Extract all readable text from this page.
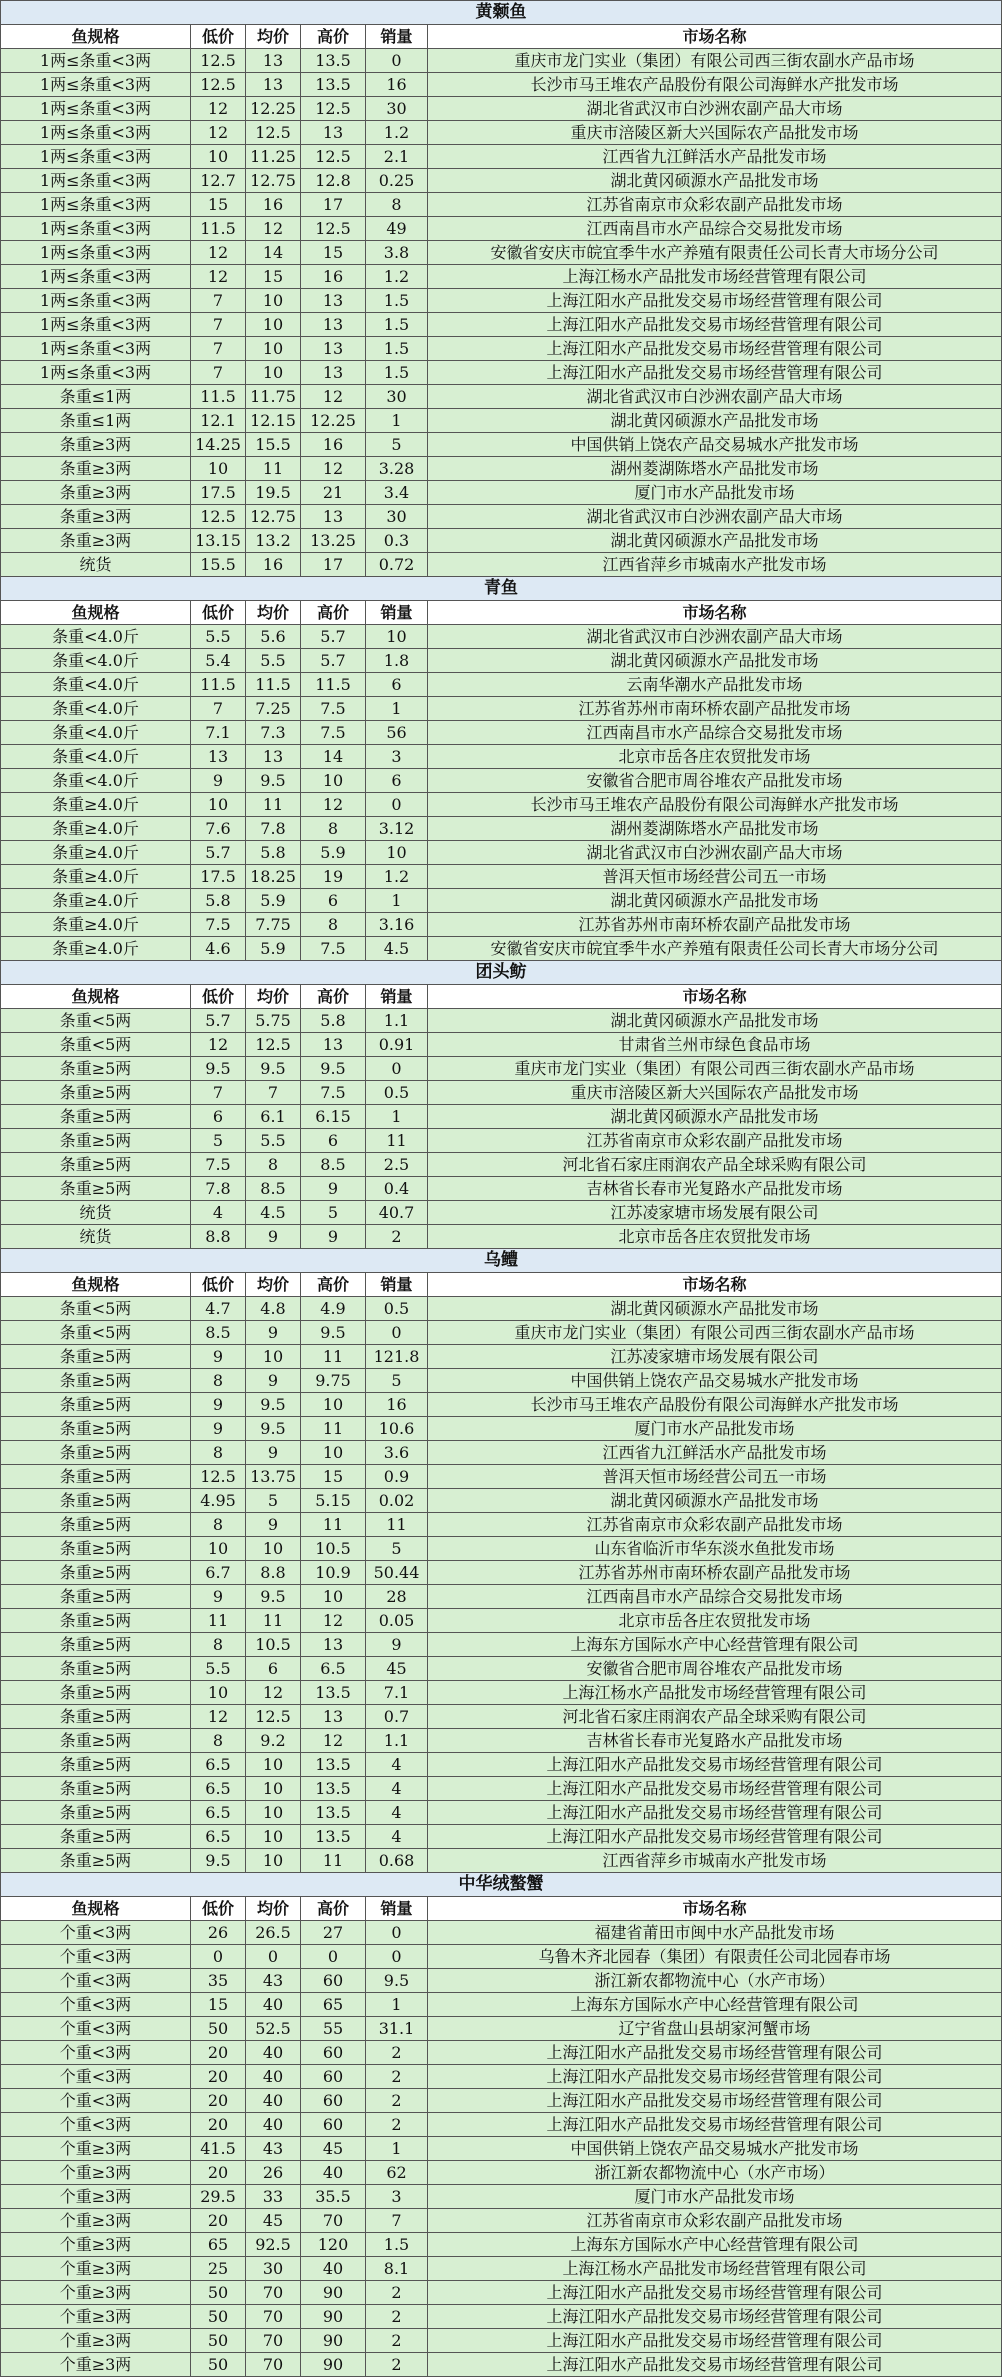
黄颡鱼					
鱼规格	低价	均价	高价	销量	市场名称
1两≤条重<3两	12.5	13	13.5	0	重庆市龙门实业（集团）有限公司西三街农副水产品市场
1两≤条重<3两	12.5	13	13.5	16	长沙市马王堆农产品股份有限公司海鲜水产批发市场
1两≤条重<3两	12	12.25	12.5	30	湖北省武汉市白沙洲农副产品大市场
1两≤条重<3两	12	12.5	13	1.2	重庆市涪陵区新大兴国际农产品批发市场
1两≤条重<3两	10	11.25	12.5	2.1	江西省九江鲜活水产品批发市场
1两≤条重<3两	12.7	12.75	12.8	0.25	湖北黄冈硕源水产品批发市场
1两≤条重<3两	15	16	17	8	江苏省南京市众彩农副产品批发市场
1两≤条重<3两	11.5	12	12.5	49	江西南昌市水产品综合交易批发市场
1两≤条重<3两	12	14	15	3.8	安徽省安庆市皖宜季牛水产养殖有限责任公司长青大市场分公司
1两≤条重<3两	12	15	16	1.2	上海江杨水产品批发市场经营管理有限公司
1两≤条重<3两	7	10	13	1.5	上海江阳水产品批发交易市场经营管理有限公司
1两≤条重<3两	7	10	13	1.5	上海江阳水产品批发交易市场经营管理有限公司
1两≤条重<3两	7	10	13	1.5	上海江阳水产品批发交易市场经营管理有限公司
1两≤条重<3两	7	10	13	1.5	上海江阳水产品批发交易市场经营管理有限公司
条重≤1两	11.5	11.75	12	30	湖北省武汉市白沙洲农副产品大市场
条重≤1两	12.1	12.15	12.25	1	湖北黄冈硕源水产品批发市场
条重≥3两	14.25	15.5	16	5	中国供销上饶农产品交易城水产批发市场
条重≥3两	10	11	12	3.28	湖州菱湖陈塔水产品批发市场
条重≥3两	17.5	19.5	21	3.4	厦门市水产品批发市场
条重≥3两	12.5	12.75	13	30	湖北省武汉市白沙洲农副产品大市场
条重≥3两	13.15	13.2	13.25	0.3	湖北黄冈硕源水产品批发市场
统货	15.5	16	17	0.72	江西省萍乡市城南水产批发市场
青鱼					
鱼规格	低价	均价	高价	销量	市场名称
条重<4.0斤	5.5	5.6	5.7	10	湖北省武汉市白沙洲农副产品大市场
条重<4.0斤	5.4	5.5	5.7	1.8	湖北黄冈硕源水产品批发市场
条重<4.0斤	11.5	11.5	11.5	6	云南华潮水产品批发市场
条重<4.0斤	7	7.25	7.5	1	江苏省苏州市南环桥农副产品批发市场
条重<4.0斤	7.1	7.3	7.5	56	江西南昌市水产品综合交易批发市场
条重<4.0斤	13	13	14	3	北京市岳各庄农贸批发市场
条重<4.0斤	9	9.5	10	6	安徽省合肥市周谷堆农产品批发市场
条重≥4.0斤	10	11	12	0	长沙市马王堆农产品股份有限公司海鲜水产批发市场
条重≥4.0斤	7.6	7.8	8	3.12	湖州菱湖陈塔水产品批发市场
条重≥4.0斤	5.7	5.8	5.9	10	湖北省武汉市白沙洲农副产品大市场
条重≥4.0斤	17.5	18.25	19	1.2	普洱天恒市场经营公司五一市场
条重≥4.0斤	5.8	5.9	6	1	湖北黄冈硕源水产品批发市场
条重≥4.0斤	7.5	7.75	8	3.16	江苏省苏州市南环桥农副产品批发市场
条重≥4.0斤	4.6	5.9	7.5	4.5	安徽省安庆市皖宜季牛水产养殖有限责任公司长青大市场分公司
团头鲂					
鱼规格	低价	均价	高价	销量	市场名称
条重<5两	5.7	5.75	5.8	1.1	湖北黄冈硕源水产品批发市场
条重<5两	12	12.5	13	0.91	甘肃省兰州市绿色食品市场
条重≥5两	9.5	9.5	9.5	0	重庆市龙门实业（集团）有限公司西三街农副水产品市场
条重≥5两	7	7	7.5	0.5	重庆市涪陵区新大兴国际农产品批发市场
条重≥5两	6	6.1	6.15	1	湖北黄冈硕源水产品批发市场
条重≥5两	5	5.5	6	11	江苏省南京市众彩农副产品批发市场
条重≥5两	7.5	8	8.5	2.5	河北省石家庄雨润农产品全球采购有限公司
条重≥5两	7.8	8.5	9	0.4	吉林省长春市光复路水产品批发市场
统货	4	4.5	5	40.7	江苏凌家塘市场发展有限公司
统货	8.8	9	9	2	北京市岳各庄农贸批发市场
乌鳢					
鱼规格	低价	均价	高价	销量	市场名称
条重<5两	4.7	4.8	4.9	0.5	湖北黄冈硕源水产品批发市场
条重<5两	8.5	9	9.5	0	重庆市龙门实业（集团）有限公司西三街农副水产品市场
条重≥5两	9	10	11	121.8	江苏凌家塘市场发展有限公司
条重≥5两	8	9	9.75	5	中国供销上饶农产品交易城水产批发市场
条重≥5两	9	9.5	10	16	长沙市马王堆农产品股份有限公司海鲜水产批发市场
条重≥5两	9	9.5	11	10.6	厦门市水产品批发市场
条重≥5两	8	9	10	3.6	江西省九江鲜活水产品批发市场
条重≥5两	12.5	13.75	15	0.9	普洱天恒市场经营公司五一市场
条重≥5两	4.95	5	5.15	0.02	湖北黄冈硕源水产品批发市场
条重≥5两	8	9	11	11	江苏省南京市众彩农副产品批发市场
条重≥5两	10	10	10.5	5	山东省临沂市华东淡水鱼批发市场
条重≥5两	6.7	8.8	10.9	50.44	江苏省苏州市南环桥农副产品批发市场
条重≥5两	9	9.5	10	28	江西南昌市水产品综合交易批发市场
条重≥5两	11	11	12	0.05	北京市岳各庄农贸批发市场
条重≥5两	8	10.5	13	9	上海东方国际水产中心经营管理有限公司
条重≥5两	5.5	6	6.5	45	安徽省合肥市周谷堆农产品批发市场
条重≥5两	10	12	13.5	7.1	上海江杨水产品批发市场经营管理有限公司
条重≥5两	12	12.5	13	0.7	河北省石家庄雨润农产品全球采购有限公司
条重≥5两	8	9.2	12	1.1	吉林省长春市光复路水产品批发市场
条重≥5两	6.5	10	13.5	4	上海江阳水产品批发交易市场经营管理有限公司
条重≥5两	6.5	10	13.5	4	上海江阳水产品批发交易市场经营管理有限公司
条重≥5两	6.5	10	13.5	4	上海江阳水产品批发交易市场经营管理有限公司
条重≥5两	6.5	10	13.5	4	上海江阳水产品批发交易市场经营管理有限公司
条重≥5两	9.5	10	11	0.68	江西省萍乡市城南水产批发市场
中华绒螯蟹					
鱼规格	低价	均价	高价	销量	市场名称
个重<3两	26	26.5	27	0	福建省莆田市闽中水产品批发市场
个重<3两	0	0	0	0	乌鲁木齐北园春（集团）有限责任公司北园春市场
个重<3两	35	43	60	9.5	浙江新农都物流中心（水产市场）
个重<3两	15	40	65	1	上海东方国际水产中心经营管理有限公司
个重<3两	50	52.5	55	31.1	辽宁省盘山县胡家河蟹市场
个重<3两	20	40	60	2	上海江阳水产品批发交易市场经营管理有限公司
个重<3两	20	40	60	2	上海江阳水产品批发交易市场经营管理有限公司
个重<3两	20	40	60	2	上海江阳水产品批发交易市场经营管理有限公司
个重<3两	20	40	60	2	上海江阳水产品批发交易市场经营管理有限公司
个重≥3两	41.5	43	45	1	中国供销上饶农产品交易城水产批发市场
个重≥3两	20	26	40	62	浙江新农都物流中心（水产市场）
个重≥3两	29.5	33	35.5	3	厦门市水产品批发市场
个重≥3两	20	45	70	7	江苏省南京市众彩农副产品批发市场
个重≥3两	65	92.5	120	1.5	上海东方国际水产中心经营管理有限公司
个重≥3两	25	30	40	8.1	上海江杨水产品批发市场经营管理有限公司
个重≥3两	50	70	90	2	上海江阳水产品批发交易市场经营管理有限公司
个重≥3两	50	70	90	2	上海江阳水产品批发交易市场经营管理有限公司
个重≥3两	50	70	90	2	上海江阳水产品批发交易市场经营管理有限公司
个重≥3两	50	70	90	2	上海江阳水产品批发交易市场经营管理有限公司
